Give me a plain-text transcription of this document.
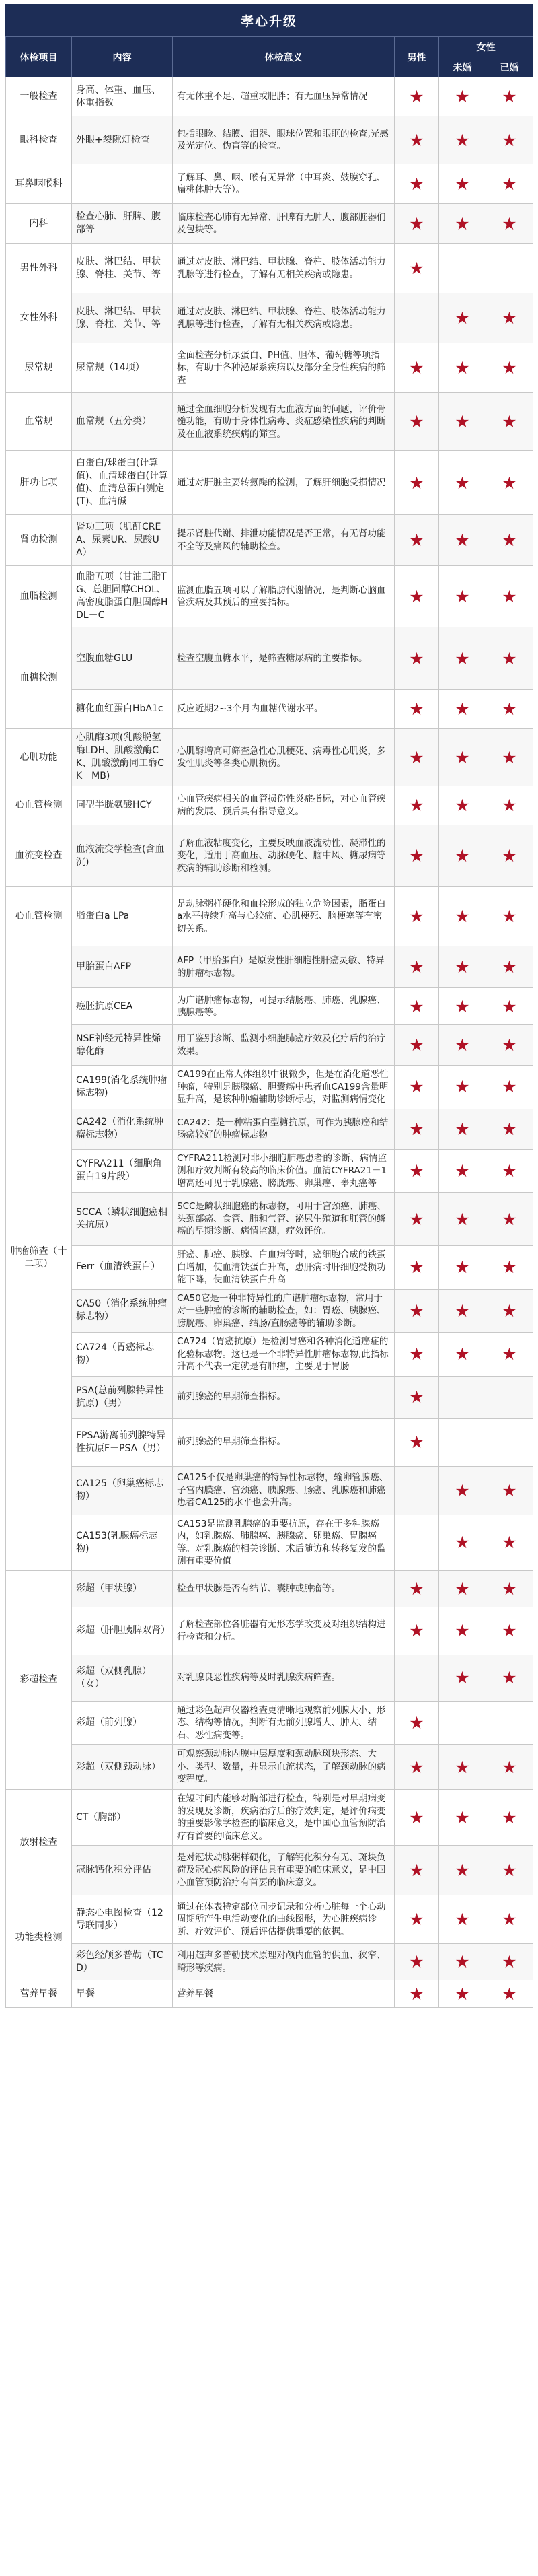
孝心升级
体检项目	内容	体检意义	男性	女性	
				未婚	已婚
一般检查	身高、体重、血压、体重指数	有无体重不足、超重或肥胖；有无血压异常情况	★	★	★
眼科检查	外眼+裂隙灯检查	包括眼睑、结膜、泪器、眼球位置和眼眶的检查,光感及光定位、伪盲等的检查。	★	★	★
耳鼻咽喉科		了解耳、鼻、咽、喉有无异常（中耳炎、鼓膜穿孔、扁桃体肿大等）。	★	★	★
内科	检查心肺、肝脾、腹部等	临床检查心肺有无异常、肝脾有无肿大、腹部脏器们及包块等。	★	★	★
男性外科	皮肤、淋巴结、甲状腺、脊柱、关节、等	通过对皮肤、淋巴结、甲状腺、脊柱、肢体活动能力乳腺等进行检查，了解有无相关疾病或隐患。	★		
女性外科	皮肤、淋巴结、甲状腺、脊柱、关节、等	通过对皮肤、淋巴结、甲状腺、脊柱、肢体活动能力乳腺等进行检查，了解有无相关疾病或隐患。		★	★
尿常规	尿常规（14项）	全面检查分析尿蛋白、PH值、胆体、葡萄糖等项指标，有助于各种泌尿系疾病以及部分全身性疾病的筛查	★	★	★
血常规	血常规（五分类）	通过全血细胞分析发现有无血液方面的问题，评价骨髓功能，有助于身体性病毒、炎症感染性疾病的判断及在血液系统疾病的筛查。	★	★	★
肝功七项	白蛋白/球蛋白(计算值)、血清球蛋白(计算值)、血清总蛋白测定(T)、血清碱	通过对肝脏主要转氨酶的检测，了解肝细胞受损情况	★	★	★
肾功检测	肾功三项（肌酐CREA、尿素UR、尿酸UA）	提示肾脏代谢、排泄功能情况是否正常，有无肾功能不全等及痛风的辅助检查。	★	★	★
血脂检测	血脂五项（甘油三脂TG、总胆固醇CHOL、高密度脂蛋白胆固醇HDL－C	监测血脂五项可以了解脂肪代谢情况，是判断心脑血管疾病及其预后的重要指标。	★	★	★
血糖检测	空腹血糖GLU	检查空腹血糖水平，是筛查糖尿病的主要指标。	★	★	★
	糖化血红蛋白HbA1c	反应近期2~3个月内血糖代谢水平。	★	★	★
心肌功能	心肌酶3项(乳酸脱氢酶LDH、肌酸激酶CK、肌酸激酶同工酶CK－MB)	心肌酶增高可筛查急性心肌梗死、病毒性心肌炎，多发性肌炎等各类心肌损伤。	★	★	★
心血管检测	同型半胱氨酸HCY	心血管疾病相关的血管损伤性炎症指标，对心血管疾病的发展、预后具有指导意义。	★	★	★
血流变检查	血液流变学检查(含血沉)	了解血液粘度变化，主要反映血液流动性、凝滞性的变化，适用于高血压、动脉硬化、脑中风、糖尿病等疾病的辅助诊断和检测。	★	★	★
心血管检测	脂蛋白a LPa	是动脉粥样硬化和血栓形成的独立危险因素，脂蛋白a水平持续升高与心绞痛、心肌梗死、脑梗塞等有密切关系。	★	★	★
肿瘤筛查（十二项）	甲胎蛋白AFP	AFP（甲胎蛋白）是原发性肝细胞性肝癌灵敏、特异的肿瘤标志物。	★	★	★
	癌胚抗原CEA	为广谱肿瘤标志物，可提示结肠癌、肺癌、乳腺癌、胰腺癌等。	★	★	★
	NSE神经元特异性烯醇化酶	用于鉴别诊断、监测小细胞肺癌疗效及化疗后的治疗效果。	★	★	★
	CA199(消化系统肿瘤标志物)	CA199在正常人体组织中很微少，但是在消化道恶性肿瘤，特别是胰腺癌、胆囊癌中患者血CA199含量明显升高，是该种肿瘤辅助诊断标志，对监测病情变化	★	★	★
	CA242（消化系统肿瘤标志物）	CA242：是一种粘蛋白型糖抗原，可作为胰腺癌和结肠癌较好的肿瘤标志物	★	★	★
	CYFRA211（细胞角蛋白19片段）	CYFRA211检测对非小细胞肺癌患者的诊断、病情监测和疗效判断有较高的临床价值。血清CYFRA21－1增高还可见于乳腺癌、膀胱癌、卵巢癌、睾丸癌等	★	★	★
	SCCA（鳞状细胞癌相关抗原）	SCC是鳞状细胞癌的标志物，可用于宫颈癌、肺癌、头颈部癌、食管、肺和气管、泌尿生殖道和肛管的鳞癌的早期诊断、病情监测，疗效评价。	★	★	★
	Ferr（血清铁蛋白）	肝癌、肺癌、胰腺、白血病等时，癌细胞合成的铁蛋白增加，使血清铁蛋白升高，患肝病时肝细胞受损功能下降，使血清铁蛋白升高	★	★	★
	CA50（消化系统肿瘤标志物）	CA50它是一种非特异性的广谱肿瘤标志物，常用于对一些肿瘤的诊断的辅助检查，如：胃癌、胰腺癌、膀胱癌、卵巢癌、结肠/直肠癌等的辅助诊断。	★	★	★
	CA724（胃癌标志物）	CA724（胃癌抗原）是检测胃癌和各种消化道癌症的化验标志物。这也是一个非特异性肿瘤标志物,此指标升高不代表一定就是有肿瘤，主要见于胃肠	★	★	★
	PSA(总前列腺特异性抗原)（男）	前列腺癌的早期筛查指标。	★		
	FPSA游离前列腺特异性抗原F－PSA（男）	前列腺癌的早期筛查指标。	★		
	CA125（卵巢癌标志物）	CA125不仅是卵巢癌的特异性标志物，输卵管腺癌、子宫内膜癌、宫颈癌、胰腺癌、肠癌、乳腺癌和肺癌患者CA125的水平也会升高。		★	★
	CA153(乳腺癌标志物)	CA153是监测乳腺癌的重要抗原，存在于多种腺癌内，如乳腺癌、肺腺癌、胰腺癌、卵巢癌、胃腺癌等。对乳腺癌的相关诊断、术后随访和转移复发的监测有重要价值		★	★
彩超检查	彩超（甲状腺）	检查甲状腺是否有结节、囊肿或肿瘤等。	★	★	★
	彩超（肝胆胰脾双肾）	了解检查部位各脏器有无形态学改变及对组织结构进行检查和分析。	★	★	★
	彩超（双侧乳腺）（女）	对乳腺良恶性疾病等及时乳腺疾病筛查。		★	★
	彩超（前列腺）	通过彩色超声仪器检查更清晰地观察前列腺大小、形态、结构等情况，判断有无前列腺增大、肿大、结石、恶性病变等。	★		
	彩超（双侧颈动脉）	可观察颈动脉内膜中层厚度和颈动脉斑块形态、大小、类型、数量，并显示血流状态，了解颈动脉的病变程度。	★	★	★
放射检查	CT（胸部）	在短时间内能够对胸部进行检查，特别是对早期病变的发现及诊断，疾病治疗后的疗效判定，是评价病变的重要影像学检查的临床意义，是中国心血管预防治疗有首要的临床意义。	★	★	★
	冠脉钙化积分评估	是对冠状动脉粥样硬化，了解钙化积分有无、斑块负荷及冠心病风险的评估具有重要的临床意义，是中国心血管预防治疗有首要的临床意义。	★	★	★
功能类检测	静态心电图检查（12导联同步）	通过在体表特定部位同步记录和分析心脏每一个心动周期所产生电活动变化的曲线图形，为心脏疾病诊断、疗效评价、预后评估提供重要的依据。	★	★	★
	彩色经颅多普勒（TCD）	利用超声多普勒技术原理对颅内血管的供血、狭窄、畸形等疾病。	★	★	★
营养早餐	早餐	营养早餐	★	★	★
